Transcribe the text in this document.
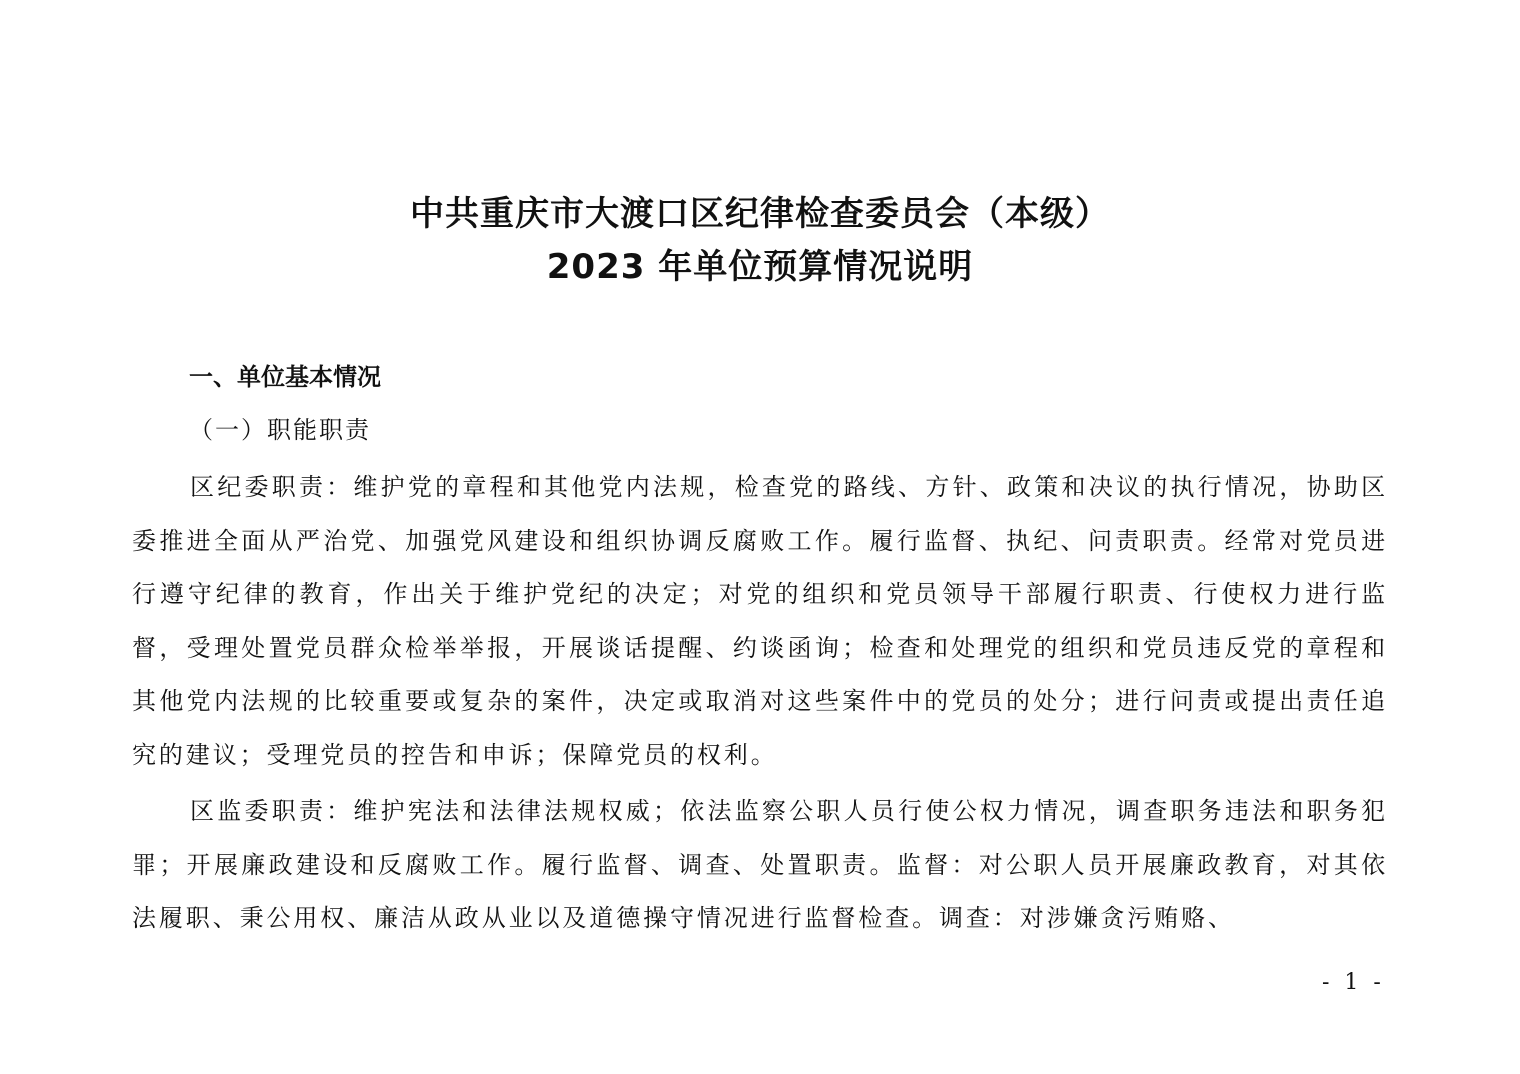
中共重庆市大渡口区纪律检查委员会（本级）
2023 年单位预算情况说明
一、单位基本情况
（一）职能职责

区纪委职责：维护党的章程和其他党内法规，检查党的路线、方针、政策和决议的执行情况，协助区委推进全面从严治党、加强党风建设和组织协调反腐败工作。履行监督、执纪、问责职责。经常对党员进行遵守纪律的教育，作出关于维护党纪的决定；对党的组织和党员领导干部履行职责、行使权力进行监督，受理处置党员群众检举举报，开展谈话提醒、约谈函询；检查和处理党的组织和党员违反党的章程和其他党内法规的比较重要或复杂的案件，决定或取消对这些案件中的党员的处分；进行问责或提出责任追究的建议；受理党员的控告和申诉；保障党员的权利。

区监委职责：维护宪法和法律法规权威；依法监察公职人员行使公权力情况，调查职务违法和职务犯罪；开展廉政建设和反腐败工作。履行监督、调查、处置职责。监督：对公职人员开展廉政教育，对其依法履职、秉公用权、廉洁从政从业以及道德操守情况进行监督检查。调查：对涉嫌贪污贿赂、

- 1 -
